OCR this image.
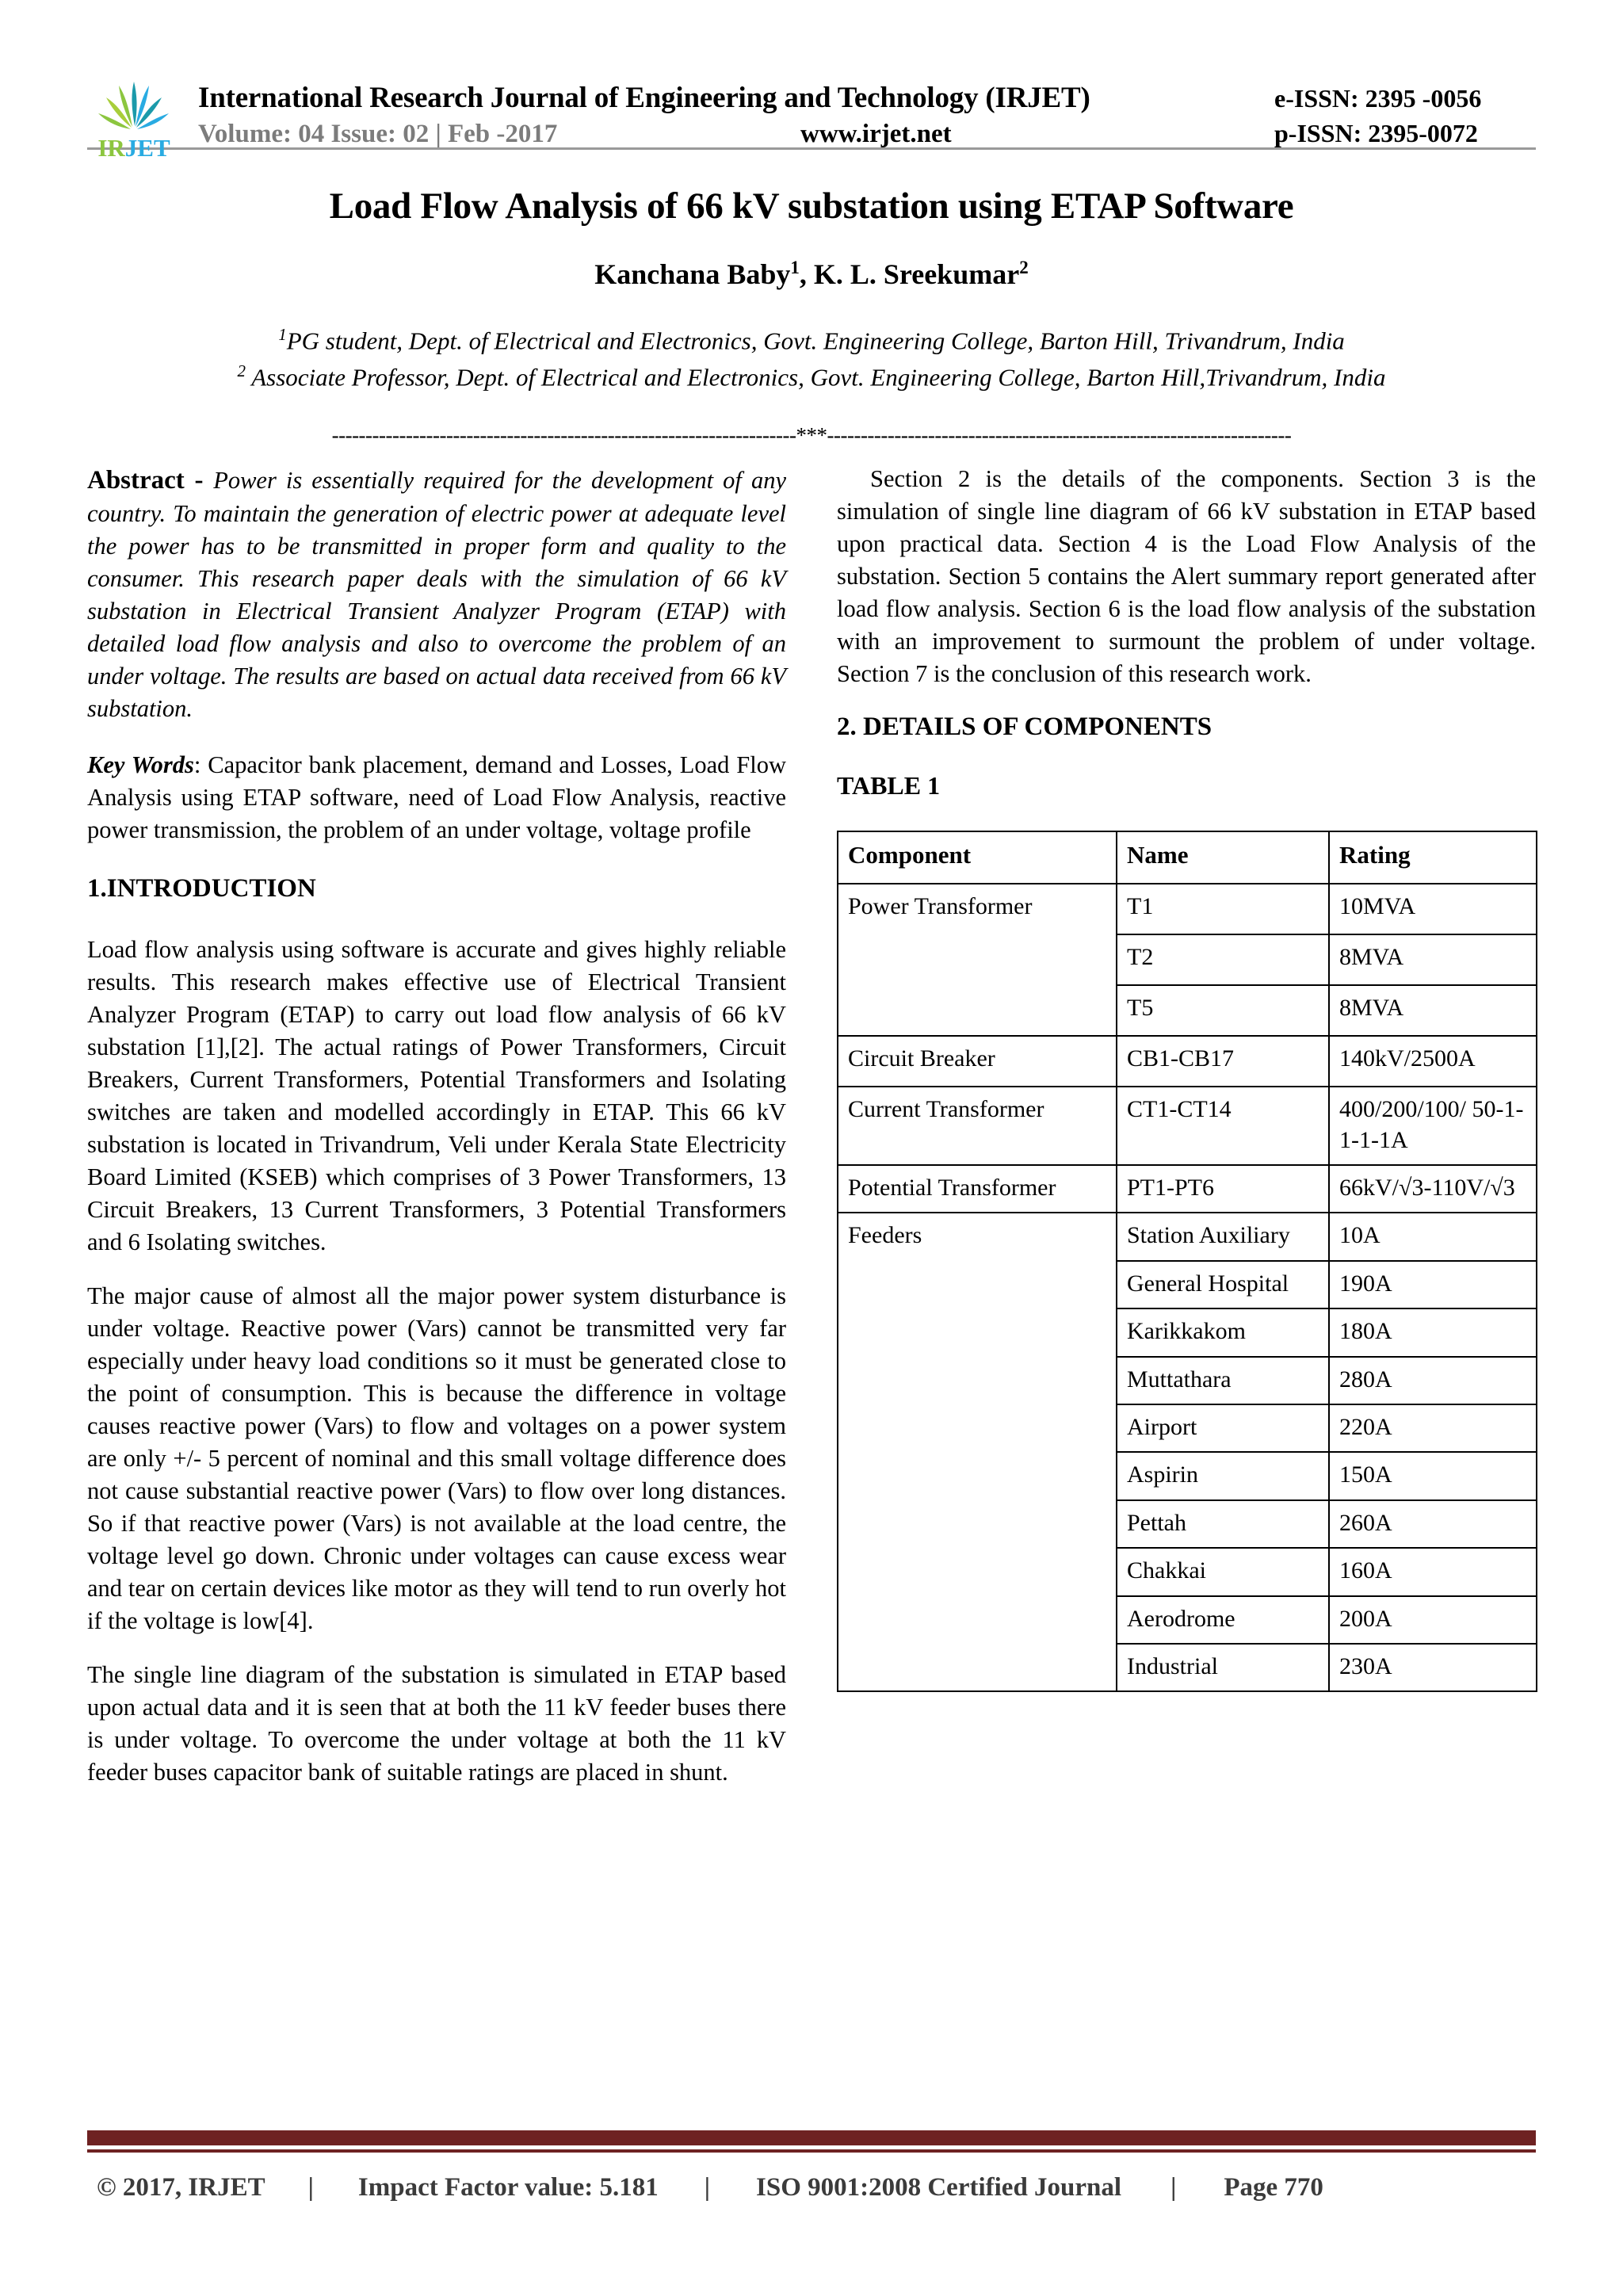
IRJET
International Research Journal of Engineering and Technology (IRJET)	e-ISSN: 2395 -0056
Volume: 04 Issue: 02 | Feb -2017	www.irjet.net	p-ISSN: 2395-0072
Load Flow Analysis of 66 kV substation using ETAP Software
Kanchana Baby$^1$, K. L. Sreekumar$^2$
$^1$PG student, Dept. of Electrical and Electronics, Govt. Engineering College, Barton Hill, Trivandrum, India
$^2$ Associate Professor, Dept. of Electrical and Electronics, Govt. Engineering College, Barton Hill,Trivandrum, India
---------------------------------------------------------------------***---------------------------------------------------------------------

Abstract - Power is essentially required for the development of any country. To maintain the generation of electric power at adequate level the power has to be transmitted in proper form and quality to the consumer. This research paper deals with the simulation of 66 kV substation in Electrical Transient Analyzer Program (ETAP) with detailed load flow analysis and also to overcome the problem of an under voltage. The results are based on actual data received from 66 kV substation.

Key Words: Capacitor bank placement, demand and Losses, Load Flow Analysis using ETAP software, need of Load Flow Analysis, reactive power transmission, the problem of an under voltage, voltage profile

1.INTRODUCTION

Load flow analysis using software is accurate and gives highly reliable results. This research makes effective use of Electrical Transient Analyzer Program (ETAP) to carry out load flow analysis of 66 kV substation [1],[2]. The actual ratings of Power Transformers, Circuit Breakers, Current Transformers, Potential Transformers and Isolating switches are taken and modelled accordingly in ETAP. This 66 kV substation is located in Trivandrum, Veli under Kerala State Electricity Board Limited (KSEB) which comprises of 3 Power Transformers, 13 Circuit Breakers, 13 Current Transformers, 3 Potential Transformers and 6 Isolating switches.

The major cause of almost all the major power system disturbance is under voltage. Reactive power (Vars) cannot be transmitted very far especially under heavy load conditions so it must be generated close to the point of consumption. This is because the difference in voltage causes reactive power (Vars) to flow and voltages on a power system are only +/- 5 percent of nominal and this small voltage difference does not cause substantial reactive power (Vars) to flow over long distances. So if that reactive power (Vars) is not available at the load centre, the voltage level go down. Chronic under voltages can cause excess wear and tear on certain devices like motor as they will tend to run overly hot if the voltage is low[4].

The single line diagram of the substation is simulated in ETAP based upon actual data and it is seen that at both the 11 kV feeder buses there is under voltage. To overcome the under voltage at both the 11 kV feeder buses capacitor bank of suitable ratings are placed in shunt.

Section 2 is the details of the components. Section 3 is the simulation of single line diagram of 66 kV substation in ETAP based upon practical data. Section 4 is the Load Flow Analysis of the substation. Section 5 contains the Alert summary report generated after load flow analysis. Section 6 is the load flow analysis of the substation with an improvement to surmount the problem of under voltage. Section 7 is the conclusion of this research work.

2. DETAILS OF COMPONENTS
TABLE 1
Component	Name	Rating
Power Transformer	T1	10MVA
	T2	8MVA
	T5	8MVA
Circuit Breaker	CB1-CB17	140kV/2500A
Current Transformer	CT1-CT14	400/200/100/ 50-1-1-1-1A
Potential Transformer	PT1-PT6	66kV/√3-110V/√3
Feeders	Station Auxiliary	10A
	General Hospital	190A
	Karikkakom	180A
	Muttathara	280A
	Airport	220A
	Aspirin	150A
	Pettah	260A
	Chakkai	160A
	Aerodrome	200A
	Industrial	230A
© 2017, IRJET | Impact Factor value: 5.181 | ISO 9001:2008 Certified Journal | Page 770
